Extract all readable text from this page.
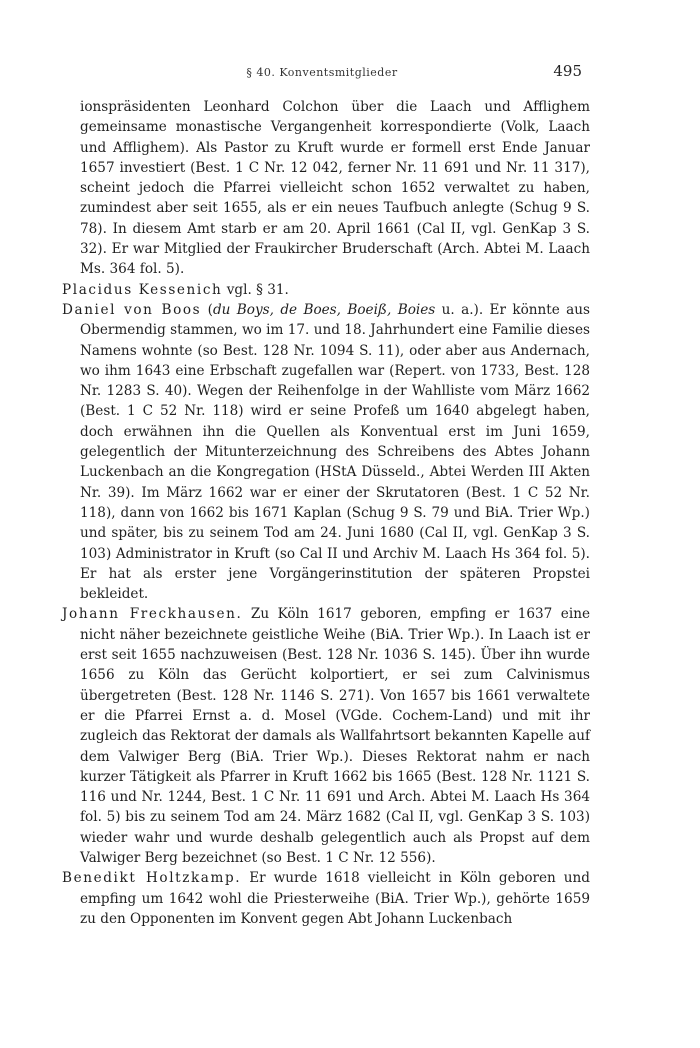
§ 40. Konventsmitglieder	495

ionspräsidenten Leonhard Colchon über die Laach und Afflighem gemeinsame monastische Vergangenheit korrespondierte (Volk, Laach und Afflighem). Als Pastor zu Kruft wurde er formell erst Ende Januar 1657 investiert (Best. 1 C Nr. 12 042, ferner Nr. 11 691 und Nr. 11 317), scheint jedoch die Pfarrei vielleicht schon 1652 verwaltet zu haben, zumindest aber seit 1655, als er ein neues Taufbuch anlegte (Schug 9 S. 78). In diesem Amt starb er am 20. April 1661 (Cal II, vgl. GenKap 3 S. 32). Er war Mitglied der Fraukircher Bruderschaft (Arch. Abtei M. Laach Ms. 364 fol. 5).

Placidus Kessenich vgl. § 31.

Daniel von Boos (du Boys, de Boes, Boeiß, Boies u. a.). Er könnte aus Obermendig stammen, wo im 17. und 18. Jahrhundert eine Familie dieses Namens wohnte (so Best. 128 Nr. 1094 S. 11), oder aber aus Andernach, wo ihm 1643 eine Erbschaft zugefallen war (Repert. von 1733, Best. 128 Nr. 1283 S. 40). Wegen der Reihenfolge in der Wahlliste vom März 1662 (Best. 1 C 52 Nr. 118) wird er seine Profeß um 1640 abgelegt haben, doch erwähnen ihn die Quellen als Konventual erst im Juni 1659, gelegentlich der Mitunterzeichnung des Schreibens des Abtes Johann Luckenbach an die Kongregation (HStA Düsseld., Abtei Werden III Akten Nr. 39). Im März 1662 war er einer der Skrutatoren (Best. 1 C 52 Nr. 118), dann von 1662 bis 1671 Kaplan (Schug 9 S. 79 und BiA. Trier Wp.) und später, bis zu seinem Tod am 24. Juni 1680 (Cal II, vgl. GenKap 3 S. 103) Administrator in Kruft (so Cal II und Archiv M. Laach Hs 364 fol. 5). Er hat als erster jene Vorgängerinstitution der späteren Propstei bekleidet.

Johann Freckhausen. Zu Köln 1617 geboren, empfing er 1637 eine nicht näher bezeichnete geistliche Weihe (BiA. Trier Wp.). In Laach ist er erst seit 1655 nachzuweisen (Best. 128 Nr. 1036 S. 145). Über ihn wurde 1656 zu Köln das Gerücht kolportiert, er sei zum Calvinismus übergetreten (Best. 128 Nr. 1146 S. 271). Von 1657 bis 1661 verwaltete er die Pfarrei Ernst a. d. Mosel (VGde. Cochem-Land) und mit ihr zugleich das Rektorat der damals als Wallfahrtsort bekannten Kapelle auf dem Valwiger Berg (BiA. Trier Wp.). Dieses Rektorat nahm er nach kurzer Tätigkeit als Pfarrer in Kruft 1662 bis 1665 (Best. 128 Nr. 1121 S. 116 und Nr. 1244, Best. 1 C Nr. 11 691 und Arch. Abtei M. Laach Hs 364 fol. 5) bis zu seinem Tod am 24. März 1682 (Cal II, vgl. GenKap 3 S. 103) wieder wahr und wurde deshalb gelegentlich auch als Propst auf dem Valwiger Berg bezeichnet (so Best. 1 C Nr. 12 556).

Benedikt Holtzkamp. Er wurde 1618 vielleicht in Köln geboren und empfing um 1642 wohl die Priesterweihe (BiA. Trier Wp.), gehörte 1659 zu den Opponenten im Konvent gegen Abt Johann Luckenbach
